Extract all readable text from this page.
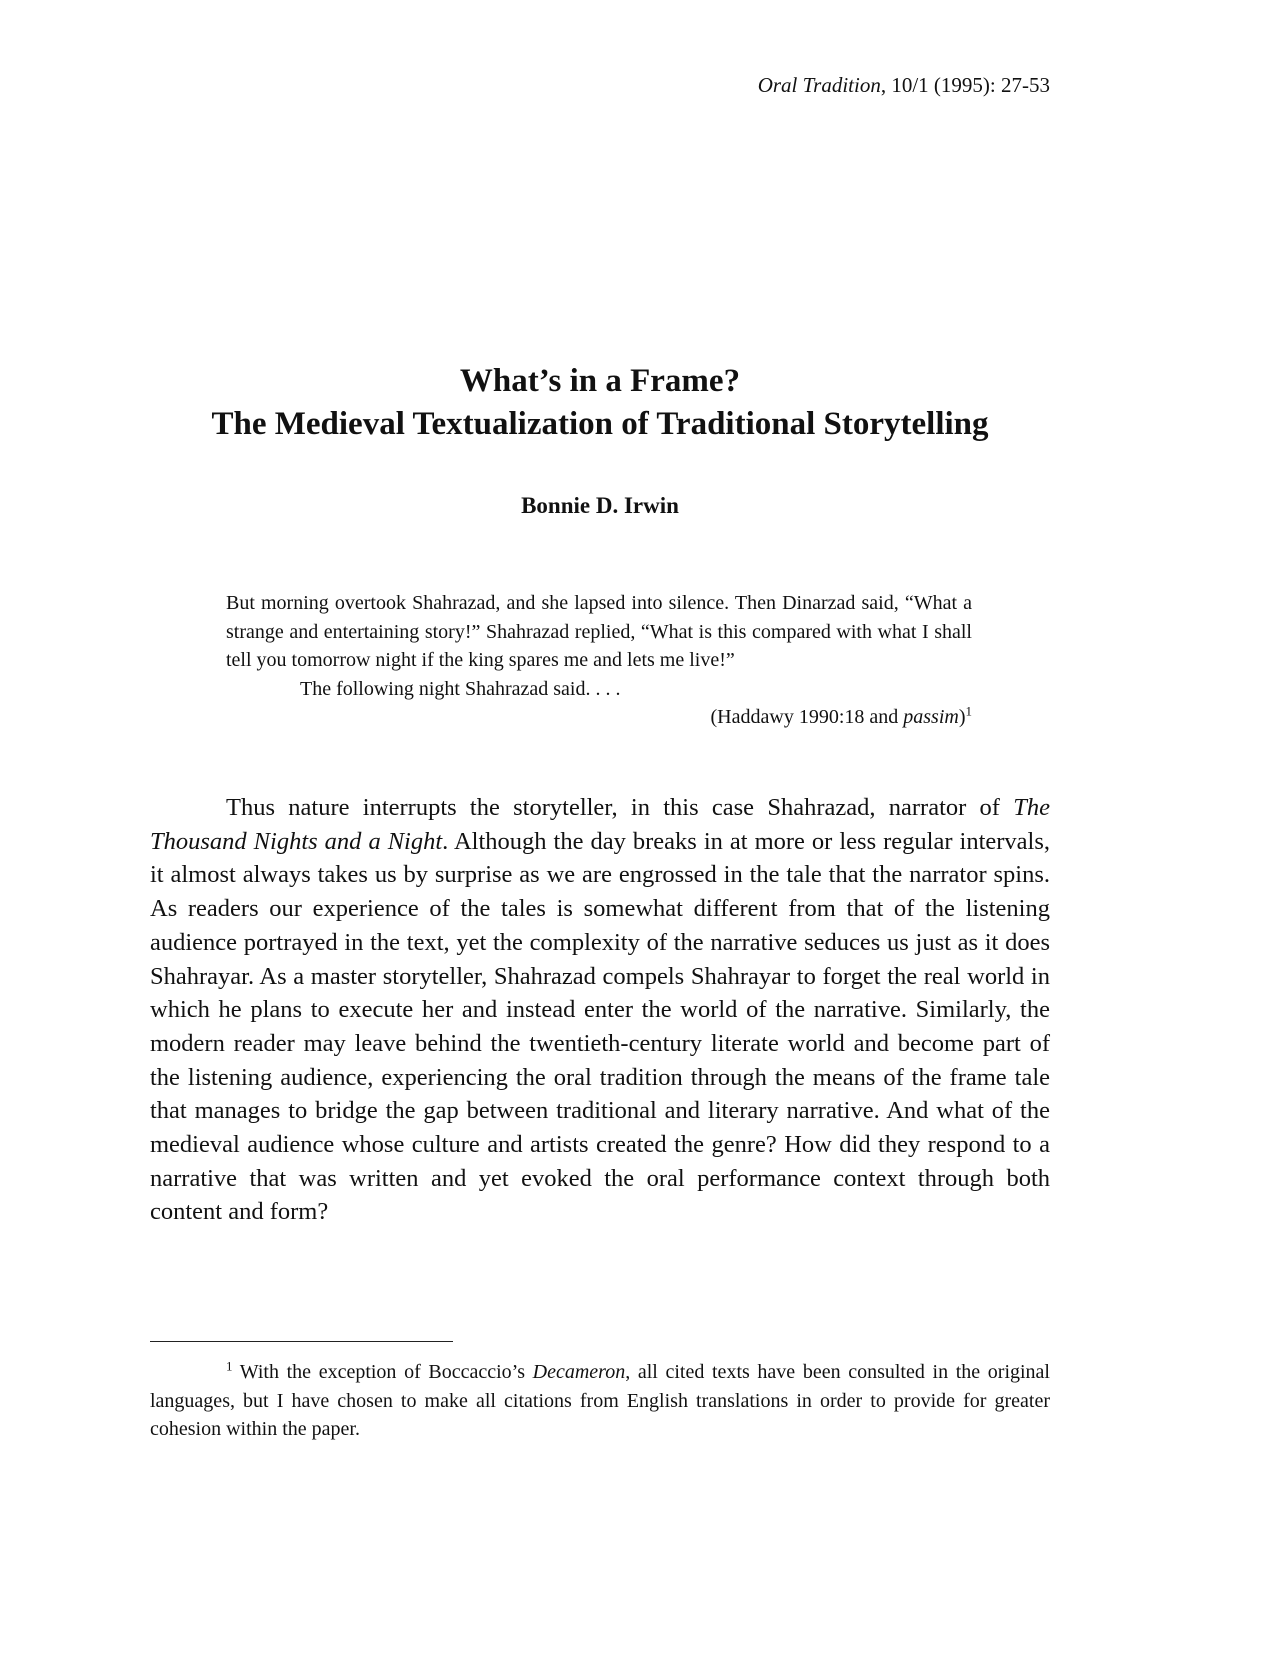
Oral Tradition, 10/1 (1995): 27-53
What’s in a Frame?
The Medieval Textualization of Traditional Storytelling
Bonnie D. Irwin

But morning overtook Shahrazad, and she lapsed into silence. Then Dinarzad said, “What a strange and entertaining story!” Shahrazad replied, “What is this compared with what I shall tell you tomorrow night if the king spares me and lets me live!”

The following night Shahrazad said. . . .

(Haddawy 1990:18 and passim)$^1$

Thus nature interrupts the storyteller, in this case Shahrazad, narrator of The Thousand Nights and a Night. Although the day breaks in at more or less regular intervals, it almost always takes us by surprise as we are engrossed in the tale that the narrator spins. As readers our experience of the tales is somewhat different from that of the listening audience portrayed in the text, yet the complexity of the narrative seduces us just as it does Shahrayar. As a master storyteller, Shahrazad compels Shahrayar to forget the real world in which he plans to execute her and instead enter the world of the narrative. Similarly, the modern reader may leave behind the twentieth-century literate world and become part of the listening audience, experiencing the oral tradition through the means of the frame tale that manages to bridge the gap between traditional and literary narrative. And what of the medieval audience whose culture and artists created the genre? How did they respond to a narrative that was written and yet evoked the oral performance context through both content and form?

$^1$ With the exception of Boccaccio’s Decameron, all cited texts have been consulted in the original languages, but I have chosen to make all citations from English translations in order to provide for greater cohesion within the paper.
